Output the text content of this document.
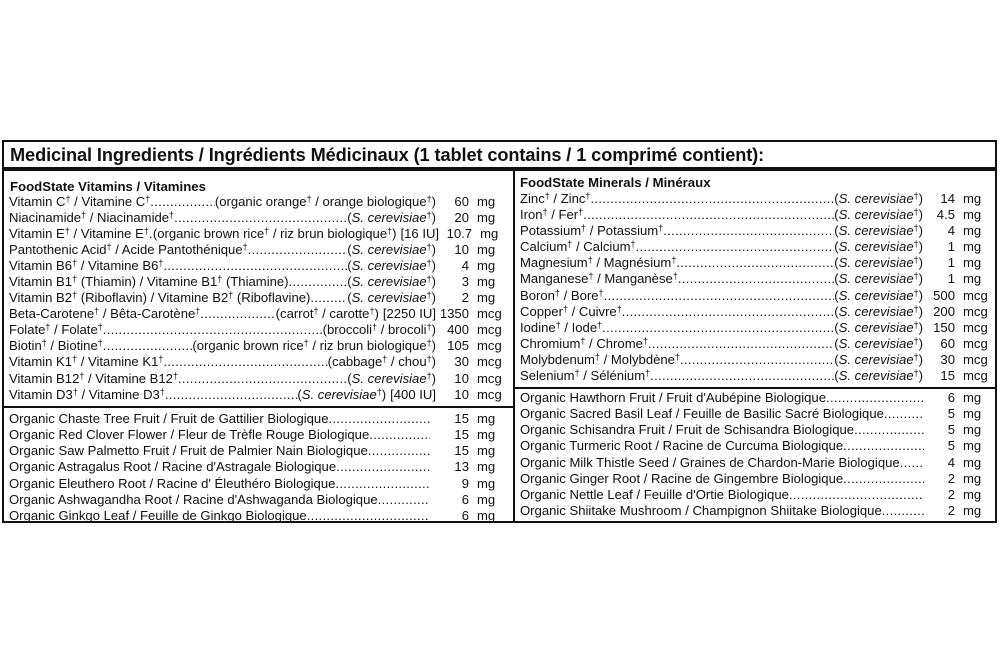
Medicinal Ingredients / Ingrédients Médicinaux (1 tablet contains / 1 comprimé contient):
FoodState Vitamins / Vitamines
Vitamin C† / Vitamine C† .....	(organic orange† / orange biologique†)	60 mg
Niacinamide† / Niacinamide† .....	(S. cerevisiae†)	20 mg
Vitamin E† / Vitamine E† ..... (organic brown rice† / riz brun biologique†) [16 IU] 10.7 mg
Pantothenic Acid† / Acide Pantothénique† .....	(S. cerevisiae†)	10 mg
Vitamin B6† / Vitamine B6† .....	(S. cerevisiae†)	4 mg
Vitamin B1† (Thiamin) / Vitamine B1† (Thiamine) .....	(S. cerevisiae†)	3 mg
Vitamin B2† (Riboflavin) / Vitamine B2† (Riboflavine) .....	(S. cerevisiae†)	2 mg
Beta-Carotene† / Bêta-Carotène† .....	(carrot† / carotte†) [2250 IU] 1350 mcg
Folate† / Folate† .....	(broccoli† / brocoli†) 400 mcg
Biotin† / Biotine† .....	(organic brown rice† / riz brun biologique†) 105 mcg
Vitamin K1† / Vitamine K1† .....	(cabbage† / chou†)	30 mcg
Vitamin B12† / Vitamine B12† .....	(S. cerevisiae†)	10 mcg
Vitamin D3† / Vitamine D3† .....	(S. cerevisiae†) [400 IU]	10 mcg
Organic Chaste Tree Fruit / Fruit de Gattilier Biologique .....	15 mg
Organic Red Clover Flower / Fleur de Trèfle Rouge Biologique .....	15 mg
Organic Saw Palmetto Fruit / Fruit de Palmier Nain Biologique .....	15 mg
Organic Astragalus Root / Racine d'Astragale Biologique .....	13 mg
Organic Eleuthero Root / Racine d' Éleuthéro Biologique .....	9 mg
Organic Ashwagandha Root / Racine d'Ashwaganda Biologique .....	6 mg
Organic Ginkgo Leaf / Feuille de Ginkgo Biologique .....	6 mg
FoodState Minerals / Minéraux
Zinc† / Zinc† .....	(S. cerevisiae†)	14 mg
Iron† / Fer† .....	(S. cerevisiae†)	4.5 mg
Potassium† / Potassium† .....	(S. cerevisiae†)	4 mg
Calcium† / Calcium† .....	(S. cerevisiae†)	1 mg
Magnesium† / Magnésium† .....	(S. cerevisiae†)	1 mg
Manganese† / Manganèse† .....	(S. cerevisiae†)	1 mg
Boron† / Bore† .....	(S. cerevisiae†) 500 mcg
Copper† / Cuivre† .....	(S. cerevisiae†) 200 mcg
Iodine† / Iode† .....	(S. cerevisiae†) 150 mcg
Chromium† / Chrome† .....	(S. cerevisiae†)	60 mcg
Molybdenum† / Molybdène† .....	(S. cerevisiae†)	30 mcg
Selenium† / Sélénium† .....	(S. cerevisiae†)	15 mcg
Organic Hawthorn Fruit / Fruit d'Aubépine Biologique .....	6 mg
Organic Sacred Basil Leaf / Feuille de Basilic Sacré Biologique .....	5 mg
Organic Schisandra Fruit / Fruit de Schisandra Biologique .....	5 mg
Organic Turmeric Root / Racine de Curcuma Biologique .....	5 mg
Organic Milk Thistle Seed / Graines de Chardon-Marie Biologique .....	4 mg
Organic Ginger Root / Racine de Gingembre Biologique .....	2 mg
Organic Nettle Leaf / Feuille d'Ortie Biologique .....	2 mg
Organic Shiitake Mushroom / Champignon Shiitake Biologique .....	2 mg
